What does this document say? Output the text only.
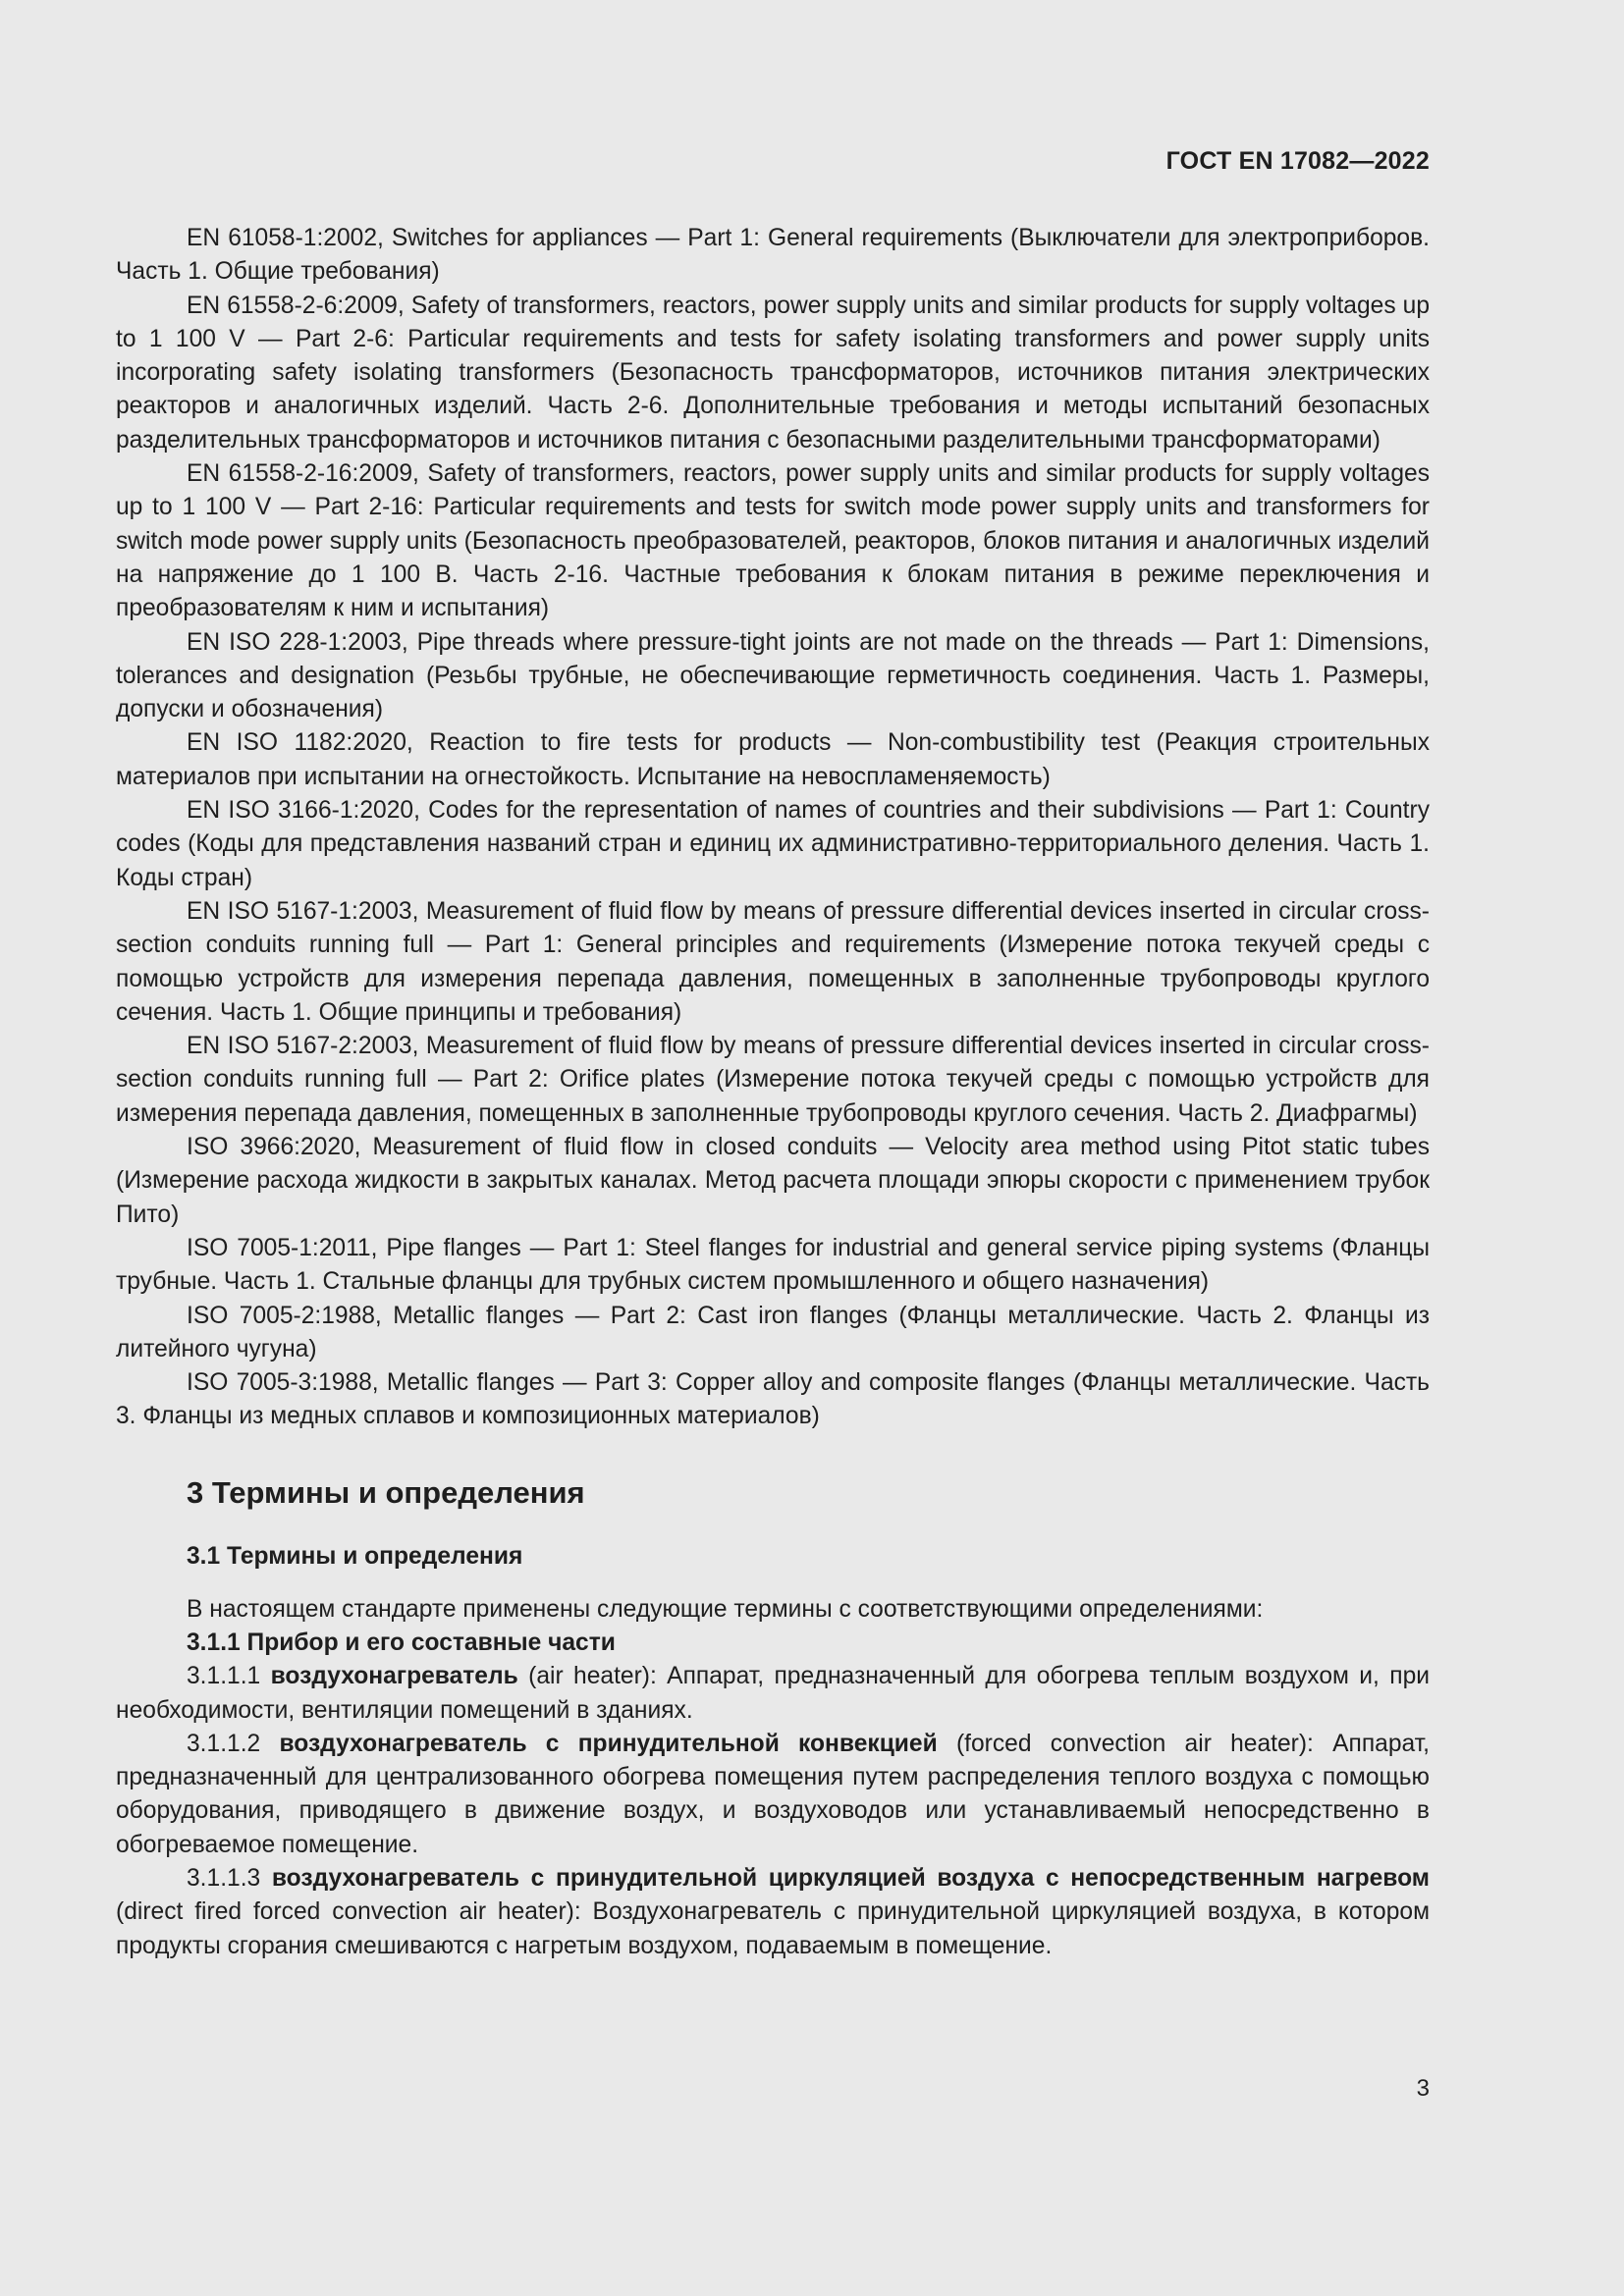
ГОСТ EN 17082—2022

EN 61058-1:2002, Switches for appliances — Part 1: General requirements (Выключатели для электроприборов. Часть 1. Общие требования)

EN 61558-2-6:2009, Safety of transformers, reactors, power supply units and similar products for supply voltages up to 1 100 V — Part 2-6: Particular requirements and tests for safety isolating transformers and power supply units incorporating safety isolating transformers (Безопасность трансформаторов, источников питания электрических реакторов и аналогичных изделий. Часть 2-6. Дополнительные требования и методы испытаний безопасных разделительных трансформаторов и источников питания с безопасными разделительными трансформаторами)

EN 61558-2-16:2009, Safety of transformers, reactors, power supply units and similar products for supply voltages up to 1 100 V — Part 2-16: Particular requirements and tests for switch mode power supply units and transformers for switch mode power supply units (Безопасность преобразователей, реакторов, блоков питания и аналогичных изделий на напряжение до 1 100 В. Часть 2-16. Частные требования к блокам питания в режиме переключения и преобразователям к ним и испытания)

EN ISO 228-1:2003, Pipe threads where pressure-tight joints are not made on the threads — Part 1: Dimensions, tolerances and designation (Резьбы трубные, не обеспечивающие герметичность соединения. Часть 1. Размеры, допуски и обозначения)

EN ISO 1182:2020, Reaction to fire tests for products — Non-combustibility test (Реакция строительных материалов при испытании на огнестойкость. Испытание на невоспламеняемость)

EN ISO 3166-1:2020, Codes for the representation of names of countries and their subdivisions — Part 1: Country codes (Коды для представления названий стран и единиц их административно-территориального деления. Часть 1. Коды стран)

EN ISO 5167-1:2003, Measurement of fluid flow by means of pressure differential devices inserted in circular cross-section conduits running full — Part 1: General principles and requirements (Измерение потока текучей среды с помощью устройств для измерения перепада давления, помещенных в заполненные трубопроводы круглого сечения. Часть 1. Общие принципы и требования)

EN ISO 5167-2:2003, Measurement of fluid flow by means of pressure differential devices inserted in circular cross-section conduits running full — Part 2: Orifice plates (Измерение потока текучей среды с помощью устройств для измерения перепада давления, помещенных в заполненные трубопроводы круглого сечения. Часть 2. Диафрагмы)

ISO 3966:2020, Measurement of fluid flow in closed conduits — Velocity area method using Pitot static tubes (Измерение расхода жидкости в закрытых каналах. Метод расчета площади эпюры скорости с применением трубок Пито)

ISO 7005-1:2011, Pipe flanges — Part 1: Steel flanges for industrial and general service piping systems (Фланцы трубные. Часть 1. Стальные фланцы для трубных систем промышленного и общего назначения)

ISO 7005-2:1988, Metallic flanges — Part 2: Cast iron flanges (Фланцы металлические. Часть 2. Фланцы из литейного чугуна)

ISO 7005-3:1988, Metallic flanges — Part 3: Copper alloy and composite flanges (Фланцы металлические. Часть 3. Фланцы из медных сплавов и композиционных материалов)

3 Термины и определения
3.1 Термины и определения

В настоящем стандарте применены следующие термины с соответствующими определениями:

3.1.1 Прибор и его составные части

3.1.1.1 воздухонагреватель (air heater): Аппарат, предназначенный для обогрева теплым воздухом и, при необходимости, вентиляции помещений в зданиях.

3.1.1.2 воздухонагреватель с принудительной конвекцией (forced convection air heater): Аппарат, предназначенный для централизованного обогрева помещения путем распределения теплого воздуха с помощью оборудования, приводящего в движение воздух, и воздуховодов или устанавливаемый непосредственно в обогреваемое помещение.

3.1.1.3 воздухонагреватель с принудительной циркуляцией воздуха с непосредственным нагревом (direct fired forced convection air heater): Воздухонагреватель с принудительной циркуляцией воздуха, в котором продукты сгорания смешиваются с нагретым воздухом, подаваемым в помещение.

3
